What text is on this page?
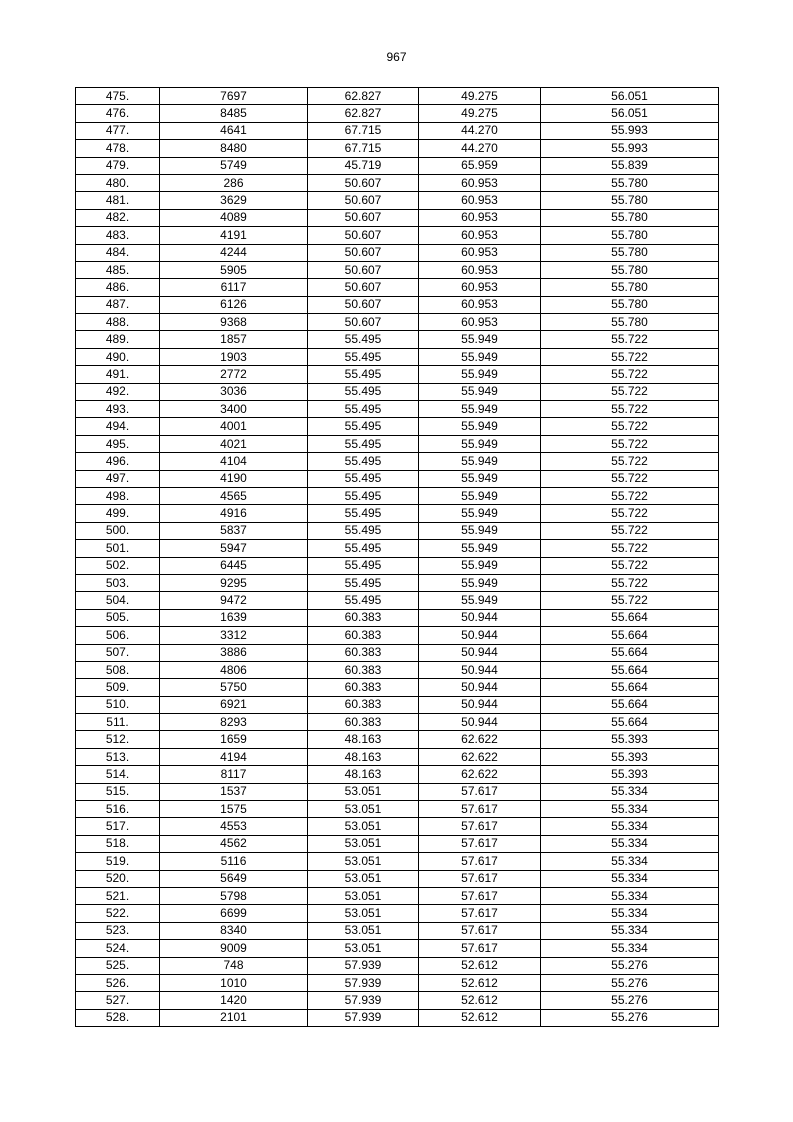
967
475.	7697	62.827	49.275	56.051
476.	8485	62.827	49.275	56.051
477.	4641	67.715	44.270	55.993
478.	8480	67.715	44.270	55.993
479.	5749	45.719	65.959	55.839
480.	286	50.607	60.953	55.780
481.	3629	50.607	60.953	55.780
482.	4089	50.607	60.953	55.780
483.	4191	50.607	60.953	55.780
484.	4244	50.607	60.953	55.780
485.	5905	50.607	60.953	55.780
486.	6117	50.607	60.953	55.780
487.	6126	50.607	60.953	55.780
488.	9368	50.607	60.953	55.780
489.	1857	55.495	55.949	55.722
490.	1903	55.495	55.949	55.722
491.	2772	55.495	55.949	55.722
492.	3036	55.495	55.949	55.722
493.	3400	55.495	55.949	55.722
494.	4001	55.495	55.949	55.722
495.	4021	55.495	55.949	55.722
496.	4104	55.495	55.949	55.722
497.	4190	55.495	55.949	55.722
498.	4565	55.495	55.949	55.722
499.	4916	55.495	55.949	55.722
500.	5837	55.495	55.949	55.722
501.	5947	55.495	55.949	55.722
502.	6445	55.495	55.949	55.722
503.	9295	55.495	55.949	55.722
504.	9472	55.495	55.949	55.722
505.	1639	60.383	50.944	55.664
506.	3312	60.383	50.944	55.664
507.	3886	60.383	50.944	55.664
508.	4806	60.383	50.944	55.664
509.	5750	60.383	50.944	55.664
510.	6921	60.383	50.944	55.664
511.	8293	60.383	50.944	55.664
512.	1659	48.163	62.622	55.393
513.	4194	48.163	62.622	55.393
514.	8117	48.163	62.622	55.393
515.	1537	53.051	57.617	55.334
516.	1575	53.051	57.617	55.334
517.	4553	53.051	57.617	55.334
518.	4562	53.051	57.617	55.334
519.	5116	53.051	57.617	55.334
520.	5649	53.051	57.617	55.334
521.	5798	53.051	57.617	55.334
522.	6699	53.051	57.617	55.334
523.	8340	53.051	57.617	55.334
524.	9009	53.051	57.617	55.334
525.	748	57.939	52.612	55.276
526.	1010	57.939	52.612	55.276
527.	1420	57.939	52.612	55.276
528.	2101	57.939	52.612	55.276
